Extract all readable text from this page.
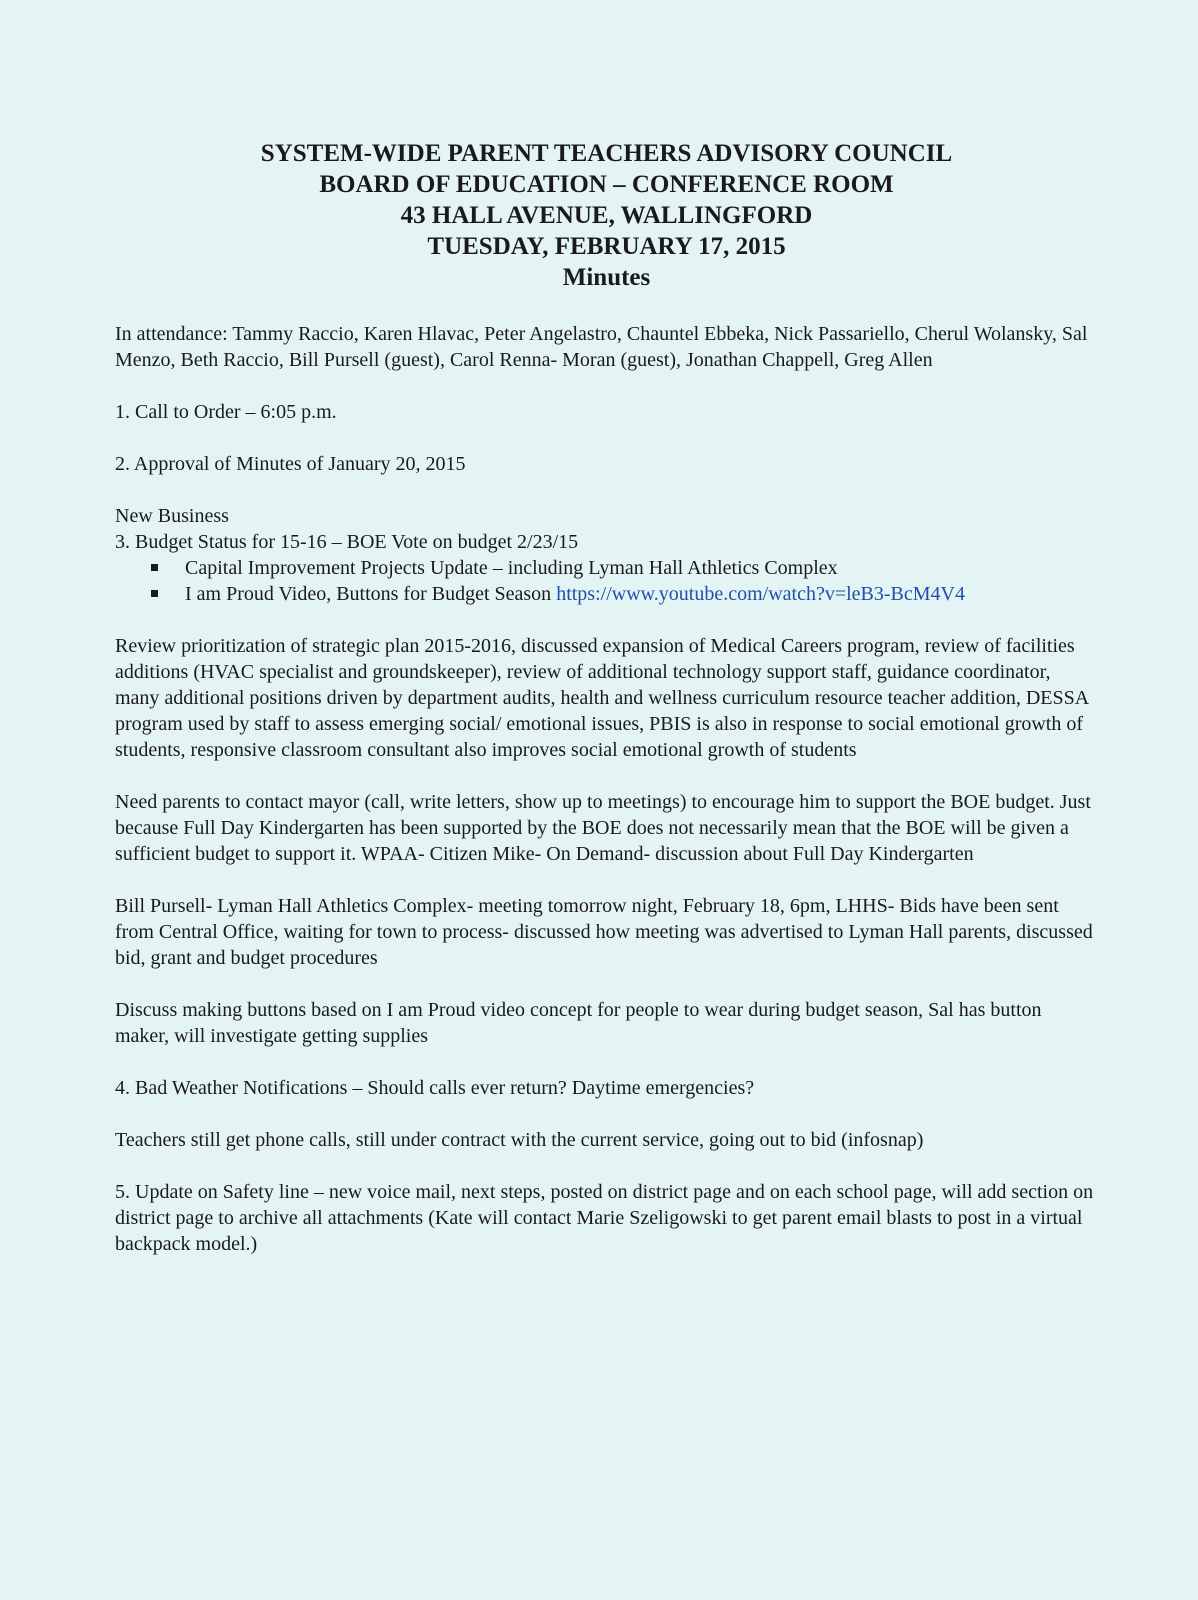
SYSTEM-WIDE PARENT TEACHERS ADVISORY COUNCIL
BOARD OF EDUCATION – CONFERENCE ROOM
43 HALL AVENUE, WALLINGFORD
TUESDAY, FEBRUARY 17, 2015
Minutes

In attendance: Tammy Raccio, Karen Hlavac, Peter Angelastro, Chauntel Ebbeka, Nick Passariello, Cherul Wolansky, Sal Menzo, Beth Raccio, Bill Pursell (guest), Carol Renna- Moran (guest), Jonathan Chappell, Greg Allen

1. Call to Order – 6:05 p.m.

2. Approval of Minutes of January 20, 2015

New Business

3. Budget Status for 15-16 – BOE Vote on budget 2/23/15

Capital Improvement Projects Update – including Lyman Hall Athletics Complex
I am Proud Video, Buttons for Budget Season https://www.youtube.com/watch?v=leB3-BcM4V4

Review prioritization of strategic plan 2015-2016, discussed expansion of Medical Careers program, review of facilities additions (HVAC specialist and groundskeeper), review of additional technology support staff, guidance coordinator, many additional positions driven by department audits, health and wellness curriculum resource teacher addition, DESSA program used by staff to assess emerging social/ emotional issues, PBIS is also in response to social emotional growth of students, responsive classroom consultant also improves social emotional growth of students

Need parents to contact mayor (call, write letters, show up to meetings) to encourage him to support the BOE budget. Just because Full Day Kindergarten has been supported by the BOE does not necessarily mean that the BOE will be given a sufficient budget to support it. WPAA- Citizen Mike- On Demand- discussion about Full Day Kindergarten

Bill Pursell- Lyman Hall Athletics Complex- meeting tomorrow night, February 18, 6pm, LHHS- Bids have been sent from Central Office, waiting for town to process- discussed how meeting was advertised to Lyman Hall parents, discussed bid, grant and budget procedures

Discuss making buttons based on I am Proud video concept for people to wear during budget season, Sal has button maker, will investigate getting supplies

4. Bad Weather Notifications – Should calls ever return? Daytime emergencies?

Teachers still get phone calls, still under contract with the current service, going out to bid (infosnap)

5. Update on Safety line – new voice mail, next steps, posted on district page and on each school page, will add section on district page to archive all attachments (Kate will contact Marie Szeligowski to get parent email blasts to post in a virtual backpack model.)
